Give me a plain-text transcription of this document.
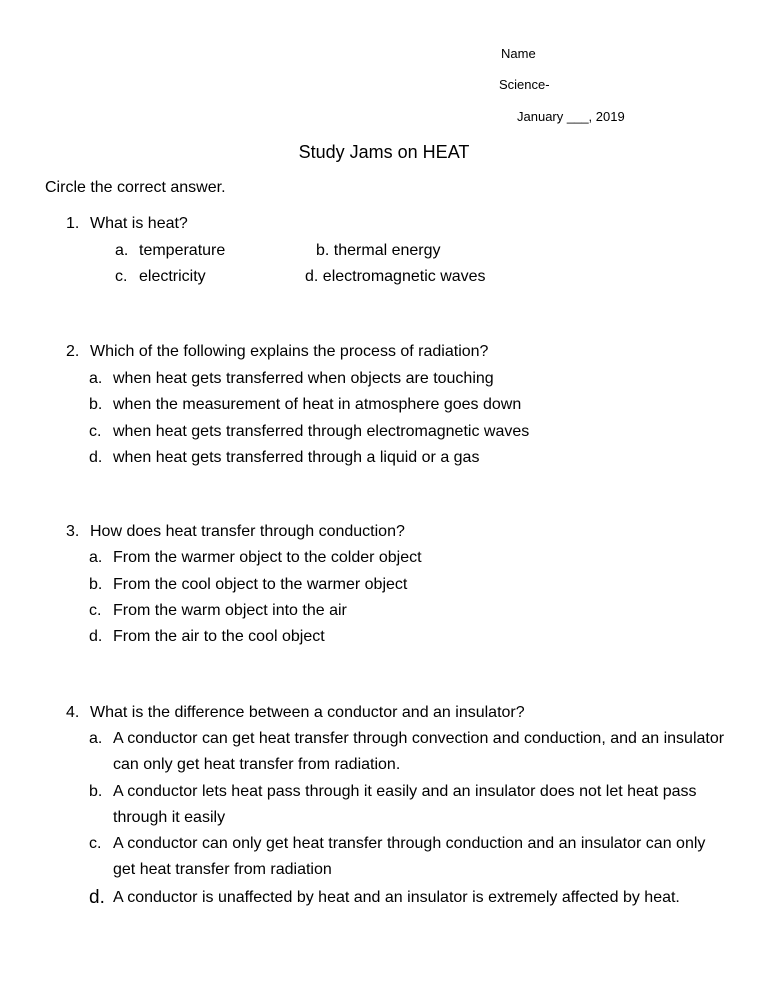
Name
Science-
January ___, 2019
Study Jams on HEAT
Circle the correct answer.
1. What is heat?
a. temperature	b. thermal energy
c. electricity	d. electromagnetic waves
2. Which of the following explains the process of radiation?
a. when heat gets transferred when objects are touching
b. when the measurement of heat in atmosphere goes down
c. when heat gets transferred through electromagnetic waves
d. when heat gets transferred through a liquid or a gas
3. How does heat transfer through conduction?
a. From the warmer object to the colder object
b. From the cool object to the warmer object
c. From the warm object into the air
d. From the air to the cool object
4. What is the difference between a conductor and an insulator?
a. A conductor can get heat transfer through convection and conduction, and an insulator can only get heat transfer from radiation.
b. A conductor lets heat pass through it easily and an insulator does not let heat pass through it easily
c. A conductor can only get heat transfer through conduction and an insulator can only get heat transfer from radiation
d. A conductor is unaffected by heat and an insulator is extremely affected by heat.
